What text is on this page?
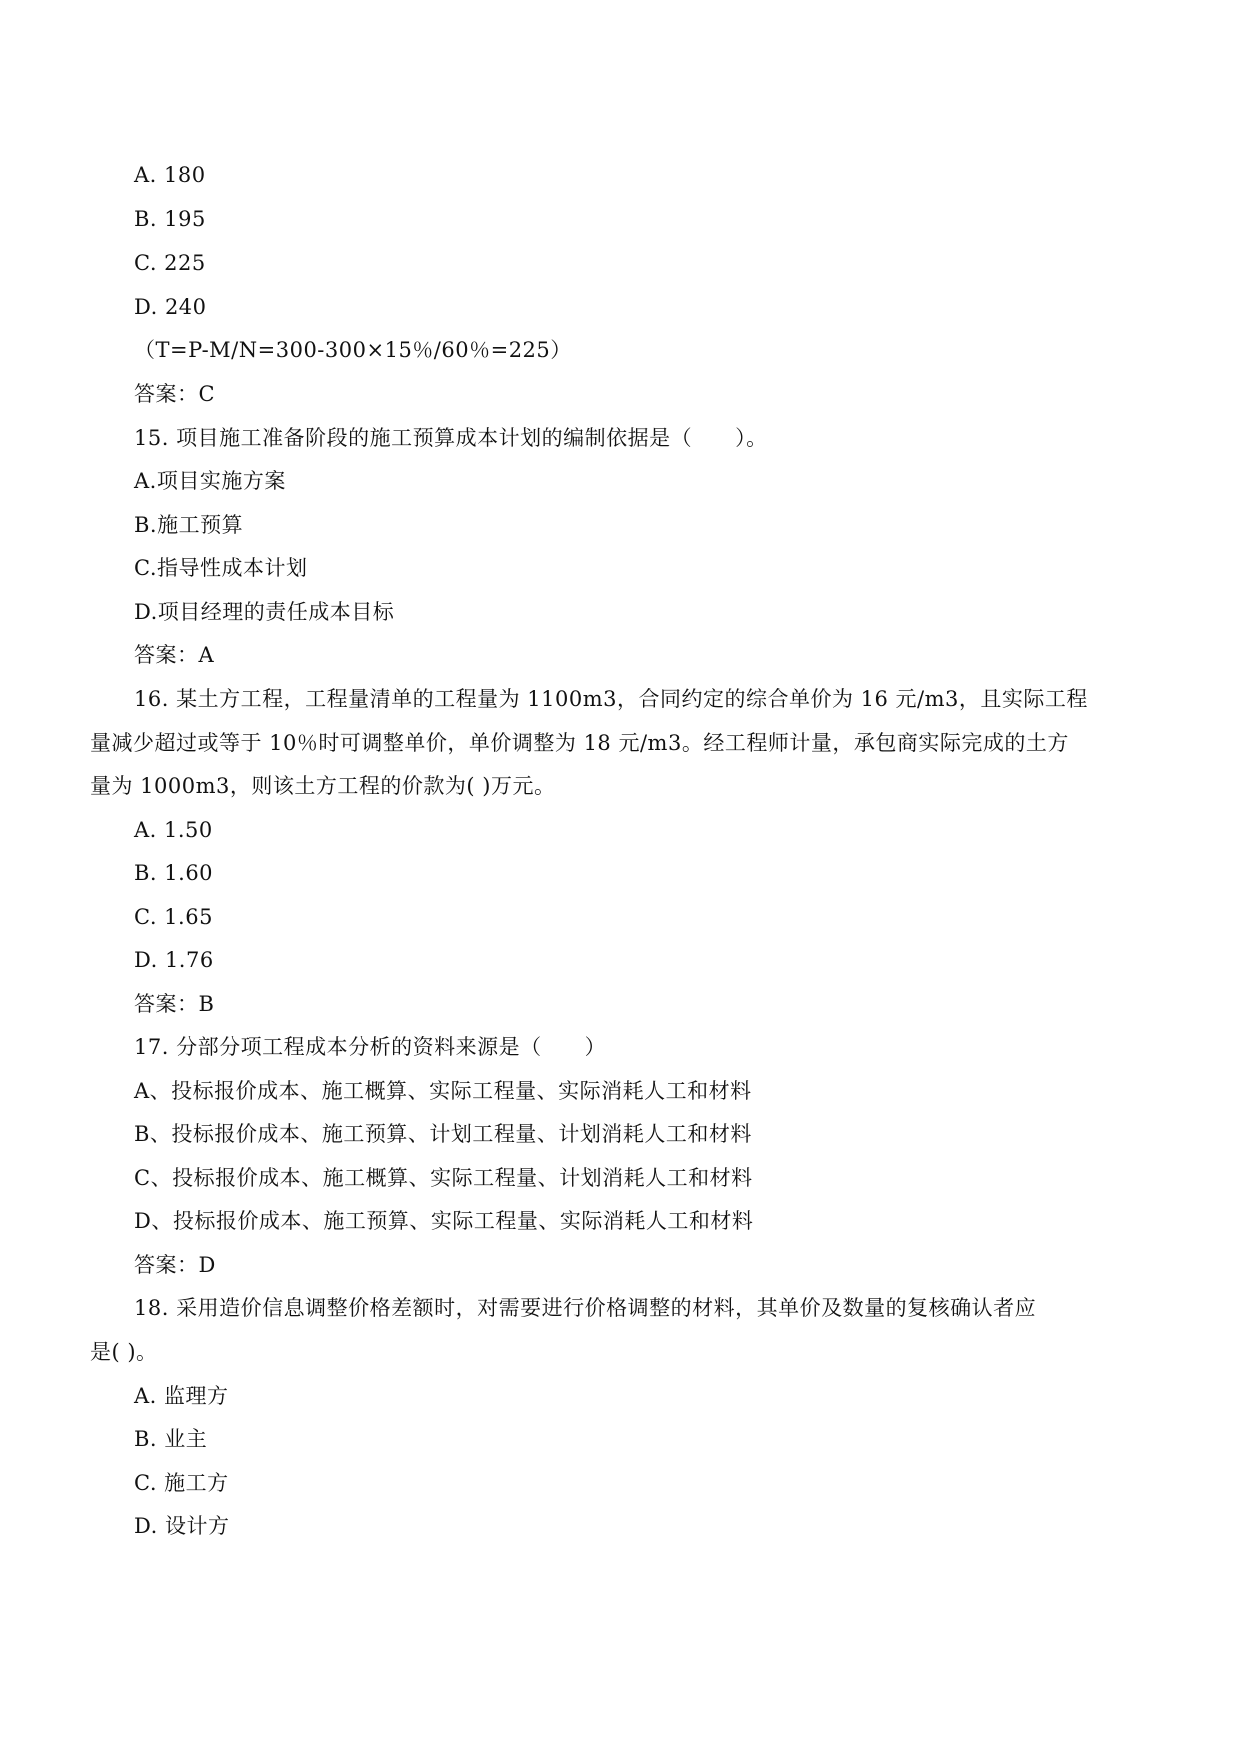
A. 180
B. 195
C. 225
D. 240
（T=P-M/N=300-300×15％/60％=225）
答案：C
15. 项目施工准备阶段的施工预算成本计划的编制依据是（　　）。
A.项目实施方案
B.施工预算
C.指导性成本计划
D.项目经理的责任成本目标
答案：A
16. 某土方工程，工程量清单的工程量为 1100m3，合同约定的综合单价为 16 元/m3，且实际工程
量减少超过或等于 10％时可调整单价，单价调整为 18 元/m3。经工程师计量，承包商实际完成的土方
量为 1000m3，则该土方工程的价款为( )万元。
A. 1.50
B. 1.60
C. 1.65
D. 1.76
答案：B
17. 分部分项工程成本分析的资料来源是（　　）
A、投标报价成本、施工概算、实际工程量、实际消耗人工和材料
B、投标报价成本、施工预算、计划工程量、计划消耗人工和材料
C、投标报价成本、施工概算、实际工程量、计划消耗人工和材料
D、投标报价成本、施工预算、实际工程量、实际消耗人工和材料
答案：D
18. 采用造价信息调整价格差额时，对需要进行价格调整的材料，其单价及数量的复核确认者应
是( )。
A. 监理方
B. 业主
C. 施工方
D. 设计方
